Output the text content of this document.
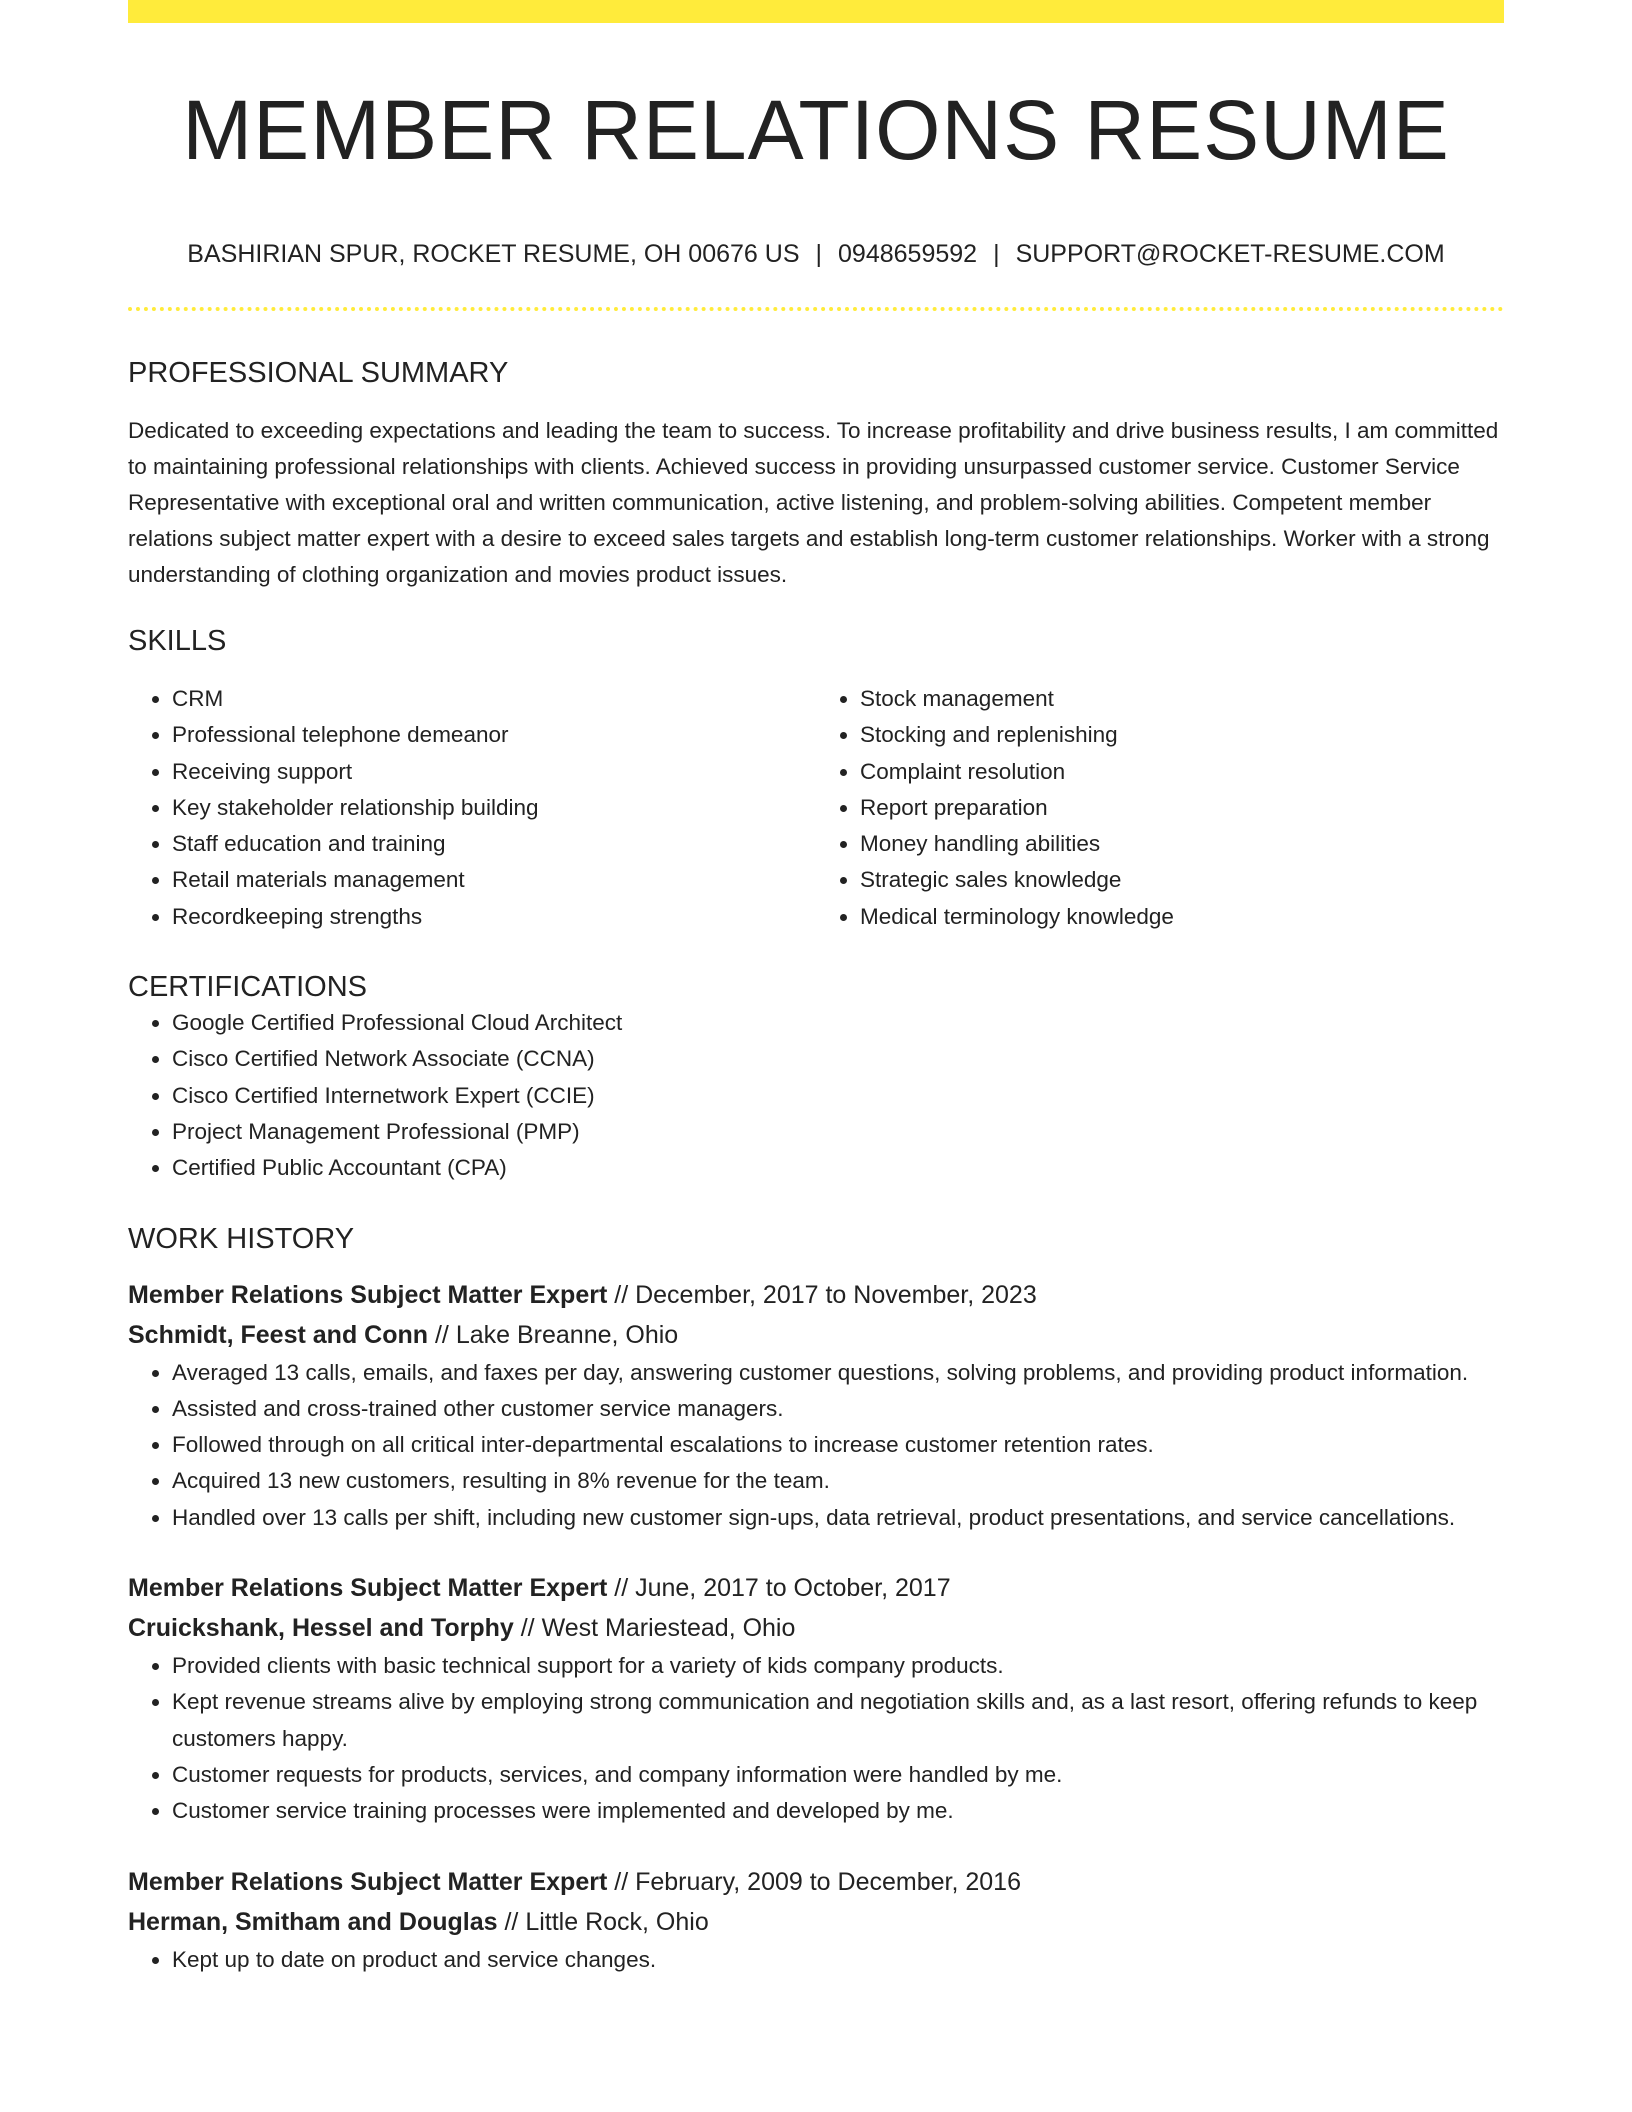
MEMBER RELATIONS RESUME
BASHIRIAN SPUR, ROCKET RESUME, OH 00676 US | 0948659592 | SUPPORT@ROCKET-RESUME.COM
PROFESSIONAL SUMMARY
Dedicated to exceeding expectations and leading the team to success. To increase profitability and drive business results, I am committed to maintaining professional relationships with clients. Achieved success in providing unsurpassed customer service. Customer Service Representative with exceptional oral and written communication, active listening, and problem-solving abilities. Competent member relations subject matter expert with a desire to exceed sales targets and establish long-term customer relationships. Worker with a strong understanding of clothing organization and movies product issues.
SKILLS
• CRM
• Professional telephone demeanor
• Receiving support
• Key stakeholder relationship building
• Staff education and training
• Retail materials management
• Recordkeeping strengths
• Stock management
• Stocking and replenishing
• Complaint resolution
• Report preparation
• Money handling abilities
• Strategic sales knowledge
• Medical terminology knowledge
CERTIFICATIONS
• Google Certified Professional Cloud Architect
• Cisco Certified Network Associate (CCNA)
• Cisco Certified Internetwork Expert (CCIE)
• Project Management Professional (PMP)
• Certified Public Accountant (CPA)
WORK HISTORY
Member Relations Subject Matter Expert // December, 2017 to November, 2023
Schmidt, Feest and Conn // Lake Breanne, Ohio
• Averaged 13 calls, emails, and faxes per day, answering customer questions, solving problems, and providing product information.
• Assisted and cross-trained other customer service managers.
• Followed through on all critical inter-departmental escalations to increase customer retention rates.
• Acquired 13 new customers, resulting in 8% revenue for the team.
• Handled over 13 calls per shift, including new customer sign-ups, data retrieval, product presentations, and service cancellations.
Member Relations Subject Matter Expert // June, 2017 to October, 2017
Cruickshank, Hessel and Torphy // West Mariestead, Ohio
• Provided clients with basic technical support for a variety of kids company products.
• Kept revenue streams alive by employing strong communication and negotiation skills and, as a last resort, offering refunds to keep customers happy.
• Customer requests for products, services, and company information were handled by me.
• Customer service training processes were implemented and developed by me.
Member Relations Subject Matter Expert // February, 2009 to December, 2016
Herman, Smitham and Douglas // Little Rock, Ohio
• Kept up to date on product and service changes.
